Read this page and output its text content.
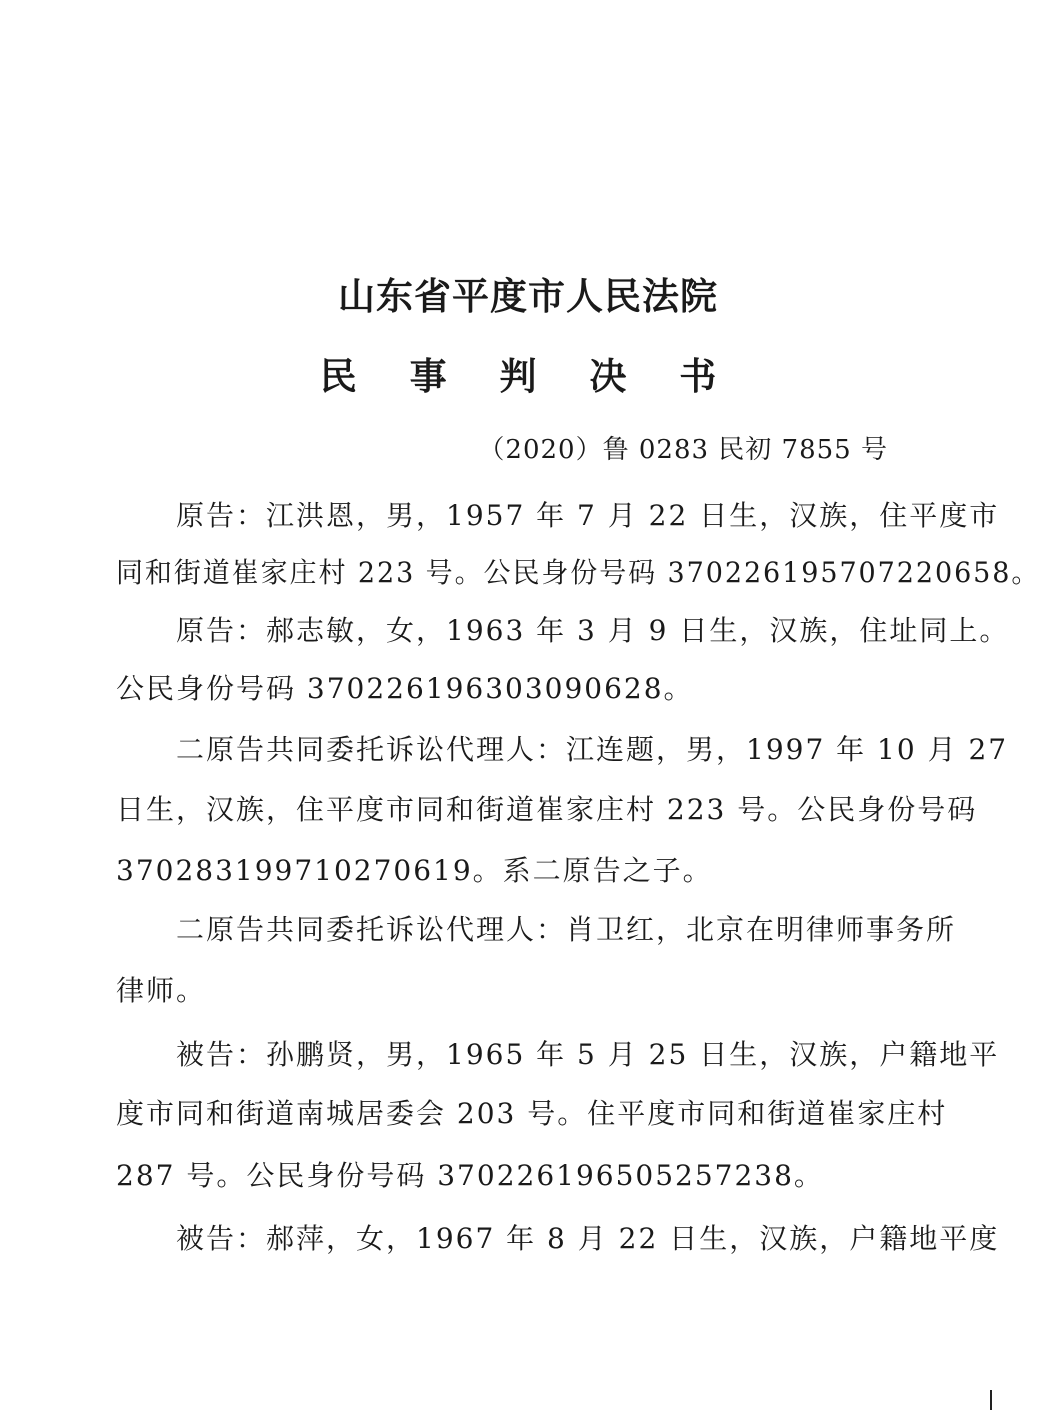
山东省平度市人民法院
民 事 判 决 书
（2020）鲁 0283 民初 7855 号
原告：江洪恩，男，1957 年 7 月 22 日生，汉族，住平度市
同和街道崔家庄村 223 号。公民身份号码 370226195707220658。
原告：郝志敏，女，1963 年 3 月 9 日生，汉族，住址同上。
公民身份号码 370226196303090628。
二原告共同委托诉讼代理人：江连题，男，1997 年 10 月 27
日生，汉族，住平度市同和街道崔家庄村 223 号。公民身份号码
370283199710270619。系二原告之子。
二原告共同委托诉讼代理人：肖卫红，北京在明律师事务所
律师。
被告：孙鹏贤，男，1965 年 5 月 25 日生，汉族，户籍地平
度市同和街道南城居委会 203 号。住平度市同和街道崔家庄村
287 号。公民身份号码 370226196505257238。
被告：郝萍，女，1967 年 8 月 22 日生，汉族，户籍地平度
